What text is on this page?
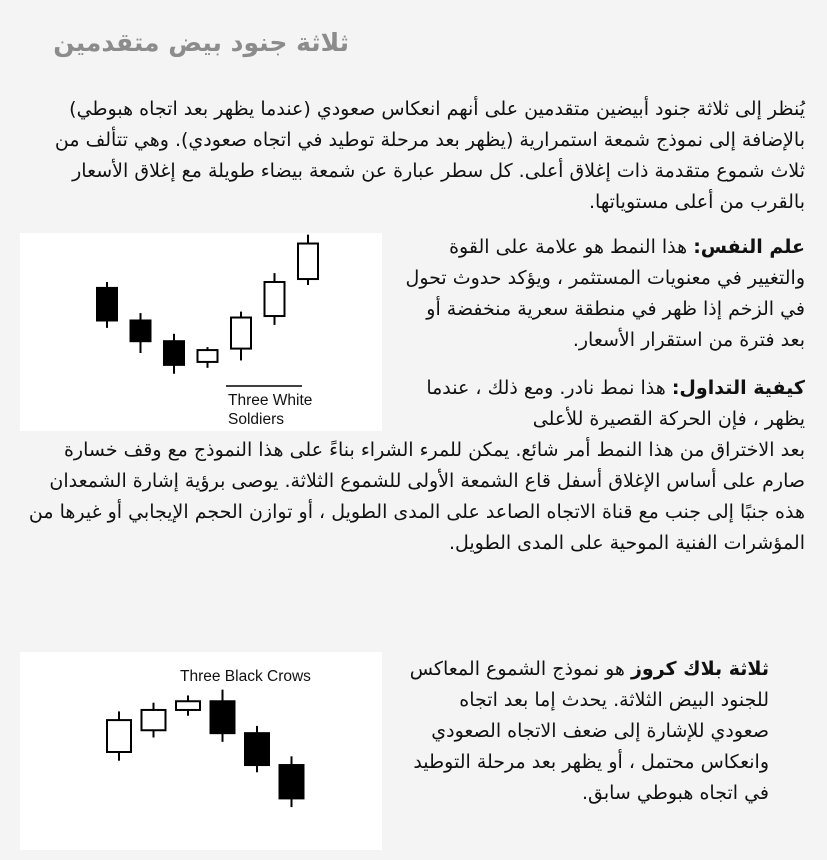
ثلاثة جنود بيض متقدمين

يُنظر إلى ثلاثة جنود أبيضين متقدمين على أنهم انعكاس صعودي (عندما يظهر بعد اتجاه هبوطي) بالإضافة إلى نموذج شمعة استمرارية (يظهر بعد مرحلة توطيد في اتجاه صعودي). وهي تتألف من ثلاث شموع متقدمة ذات إغلاق أعلى. كل سطر عبارة عن شمعة بيضاء طويلة مع إغلاق الأسعار بالقرب من أعلى مستوياتها.

Three White
Soldiers

علم النفس: هذا النمط هو علامة على القوة والتغيير في معنويات المستثمر ، ويؤكد حدوث تحول في الزخم إذا ظهر في منطقة سعرية منخفضة أو بعد فترة من استقرار الأسعار.

كيفية التداول: هذا نمط نادر. ومع ذلك ، عندما يظهر ، فإن الحركة القصيرة للأعلى

بعد الاختراق من هذا النمط أمر شائع. يمكن للمرء الشراء بناءً على هذا النموذج مع وقف خسارة صارم على أساس الإغلاق أسفل قاع الشمعة الأولى للشموع الثلاثة. يوصى برؤية إشارة الشمعدان هذه جنبًا إلى جنب مع قناة الاتجاه الصاعد على المدى الطويل ، أو توازن الحجم الإيجابي أو غيرها من المؤشرات الفنية الموحية على المدى الطويل.

Three Black Crows	ثلاثة بلاك كروز هو نموذج الشموع المعاكس للجنود البيض الثلاثة. يحدث إما بعد اتجاه صعودي للإشارة إلى ضعف الاتجاه الصعودي وانعكاس محتمل ، أو يظهر بعد مرحلة التوطيد في اتجاه هبوطي سابق.
